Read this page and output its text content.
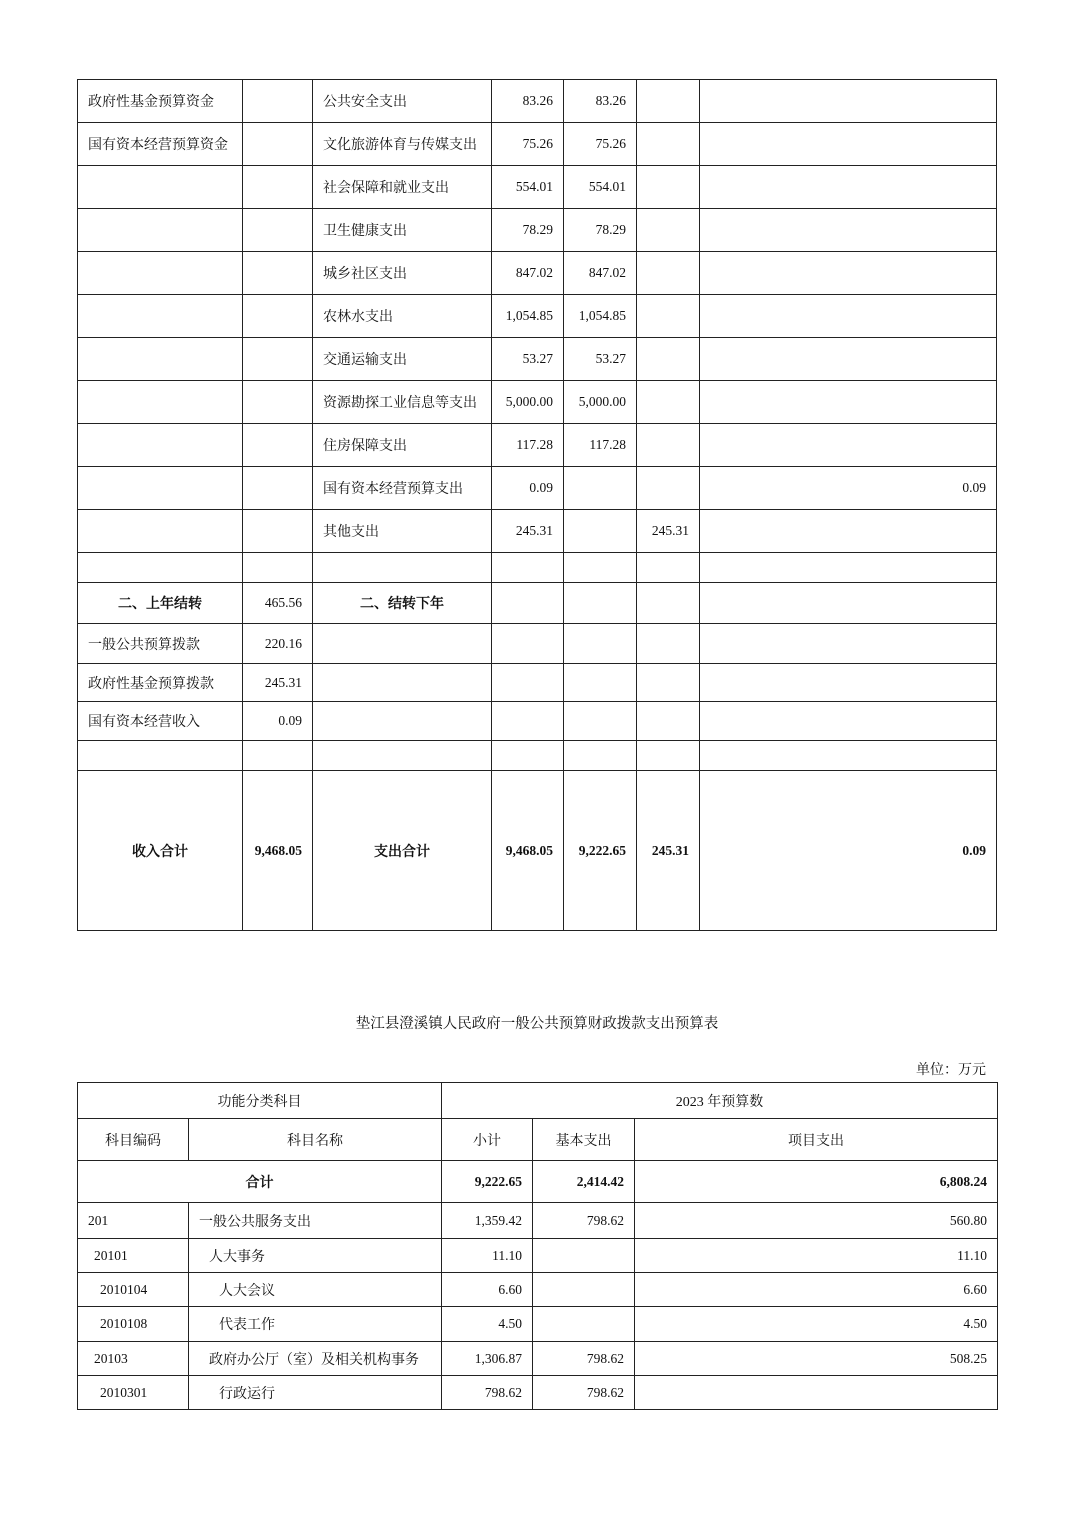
政府性基金预算资金		公共安全支出	83.26	83.26		
国有资本经营预算资金		文化旅游体育与传媒支出	75.26	75.26		
		社会保障和就业支出	554.01	554.01		
		卫生健康支出	78.29	78.29		
		城乡社区支出	847.02	847.02		
		农林水支出	1,054.85	1,054.85		
		交通运输支出	53.27	53.27		
		资源勘探工业信息等支出	5,000.00	5,000.00		
		住房保障支出	117.28	117.28		
		国有资本经营预算支出	0.09			0.09
		其他支出	245.31		245.31	

二、上年结转	465.56	二、结转下年				
一般公共预算拨款	220.16					
政府性基金预算拨款	245.31					
国有资本经营收入	0.09					

收入合计	9,468.05	支出合计	9,468.05	9,222.65	245.31	0.09
垫江县澄溪镇人民政府一般公共预算财政拨款支出预算表
单位：万元
功能分类科目		2023 年预算数		
科目编码	科目名称	小计	基本支出	项目支出
合计		9,222.65	2,414.42	6,808.24
201	一般公共服务支出	1,359.42	798.62	560.80
20101	人大事务	11.10		11.10
2010104	人大会议	6.60		6.60
2010108	代表工作	4.50		4.50
20103	政府办公厅（室）及相关机构事务	1,306.87	798.62	508.25
2010301	行政运行	798.62	798.62	
